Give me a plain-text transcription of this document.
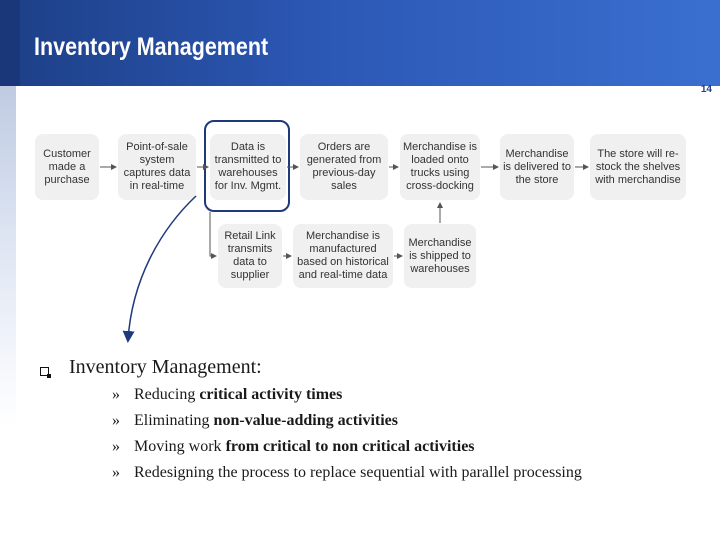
Inventory Management
14
Customer made a purchase
Point-of-sale system captures data in real-time
Data is transmitted to warehouses for Inv. Mgmt.
Orders are generated from previous-day sales
Merchandise is loaded onto trucks using cross-docking
Merchandise is delivered to the store
The store will re-stock the shelves with merchandise
Retail Link transmits data to supplier
Merchandise is manufactured based on historical and real-time data
Merchandise is shipped to warehouses
Inventory Management:
» Reducing critical activity times
» Eliminating non-value-adding activities
» Moving work from critical to non critical activities
» Redesigning the process to replace sequential with parallel processing
